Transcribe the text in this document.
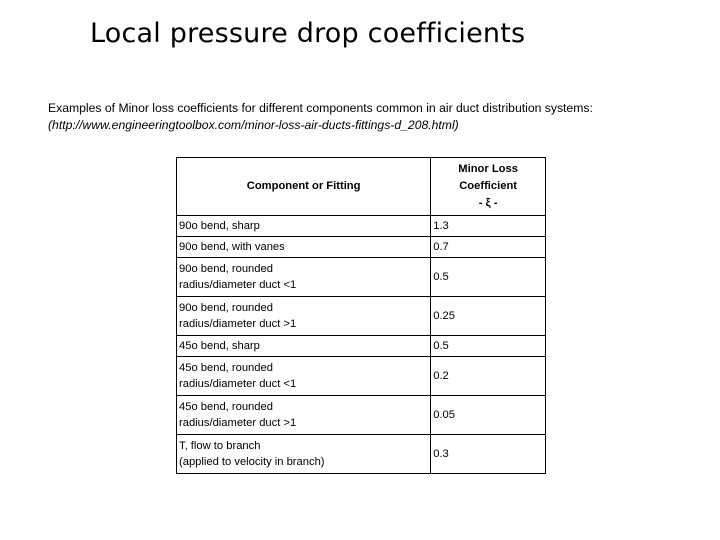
Local pressure drop coefficients
Examples of Minor loss coefficients for different components common in air duct distribution systems:
(http://www.engineeringtoolbox.com/minor-loss-air-ducts-fittings-d_208.html)
Component or Fitting	Minor Loss
Coefficient
- ξ -

90o bend, sharp	1.3

90o bend, with vanes	0.7

90o bend, rounded
radius/diameter duct <1	0.5

90o bend, rounded
radius/diameter duct >1	0.25

45o bend, sharp	0.5

45o bend, rounded
radius/diameter duct <1	0.2

45o bend, rounded
radius/diameter duct >1	0.05

T, flow to branch
(applied to velocity in branch)	0.3
